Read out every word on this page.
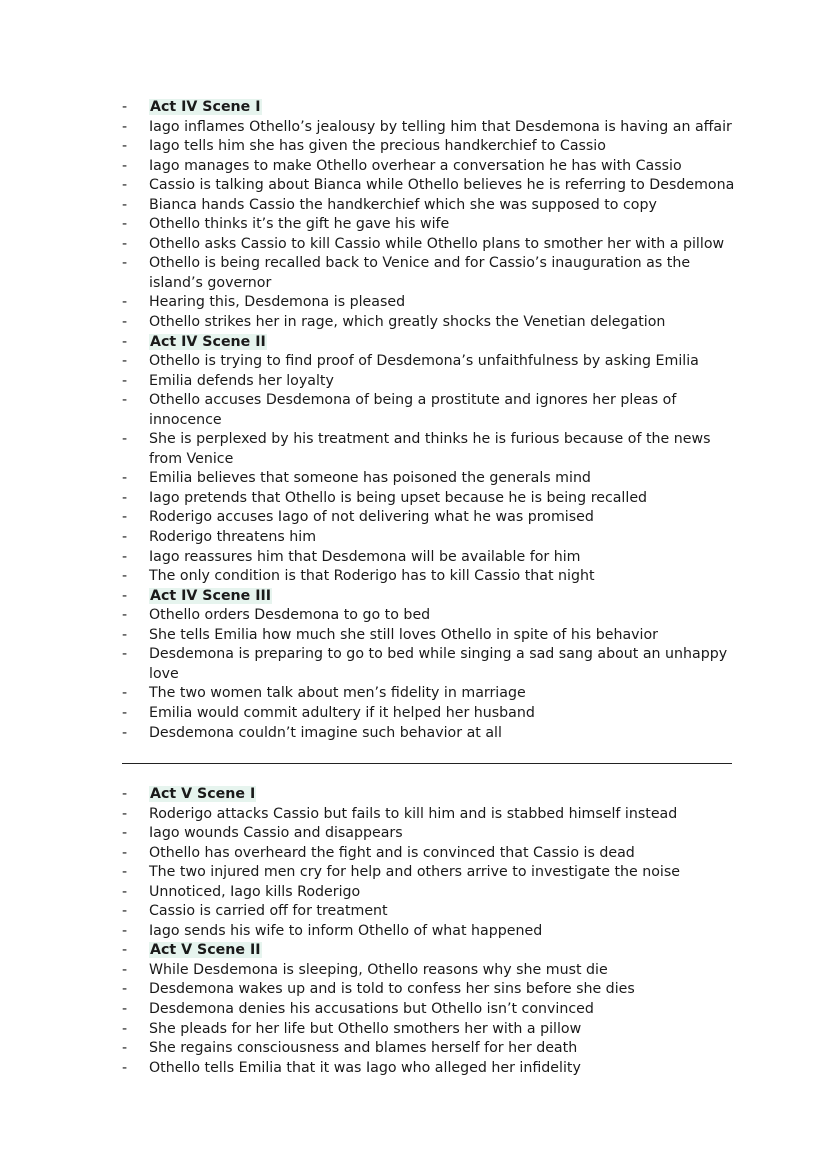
-	Act IV Scene I
-	Iago inflames Othello’s jealousy by telling him that Desdemona is having an affair
-	Iago tells him she has given the precious handkerchief to Cassio
-	Iago manages to make Othello overhear a conversation he has with Cassio
-	Cassio is talking about Bianca while Othello believes he is referring to Desdemona
-	Bianca hands Cassio the handkerchief which she was supposed to copy
-	Othello thinks it’s the gift he gave his wife
-	Othello asks Cassio to kill Cassio while Othello plans to smother her with a pillow
-	Othello is being recalled back to Venice and for Cassio’s inauguration as the island’s governor
-	Hearing this, Desdemona is pleased
-	Othello strikes her in rage, which greatly shocks the Venetian delegation
-	Act IV Scene II
-	Othello is trying to find proof of Desdemona’s unfaithfulness by asking Emilia
-	Emilia defends her loyalty
-	Othello accuses Desdemona of being a prostitute and ignores her pleas of innocence
-	She is perplexed by his treatment and thinks he is furious because of the news from Venice
-	Emilia believes that someone has poisoned the generals mind
-	Iago pretends that Othello is being upset because he is being recalled
-	Roderigo accuses Iago of not delivering what he was promised
-	Roderigo threatens him
-	Iago reassures him that Desdemona will be available for him
-	The only condition is that Roderigo has to kill Cassio that night
-	Act IV Scene III
-	Othello orders Desdemona to go to bed
-	She tells Emilia how much she still loves Othello in spite of his behavior
-	Desdemona is preparing to go to bed while singing a sad sang about an unhappy love
-	The two women talk about men’s fidelity in marriage
-	Emilia would commit adultery if it helped her husband
-	Desdemona couldn’t imagine such behavior at all
-	Act V Scene I
-	Roderigo attacks Cassio but fails to kill him and is stabbed himself instead
-	Iago wounds Cassio and disappears
-	Othello has overheard the fight and is convinced that Cassio is dead
-	The two injured men cry for help and others arrive to investigate the noise
-	Unnoticed, Iago kills Roderigo
-	Cassio is carried off for treatment
-	Iago sends his wife to inform Othello of what happened
-	Act V Scene II
-	While Desdemona is sleeping, Othello reasons why she must die
-	Desdemona wakes up and is told to confess her sins before she dies
-	Desdemona denies his accusations but Othello isn’t convinced
-	She pleads for her life but Othello smothers her with a pillow
-	She regains consciousness and blames herself for her death
-	Othello tells Emilia that it was Iago who alleged her infidelity
